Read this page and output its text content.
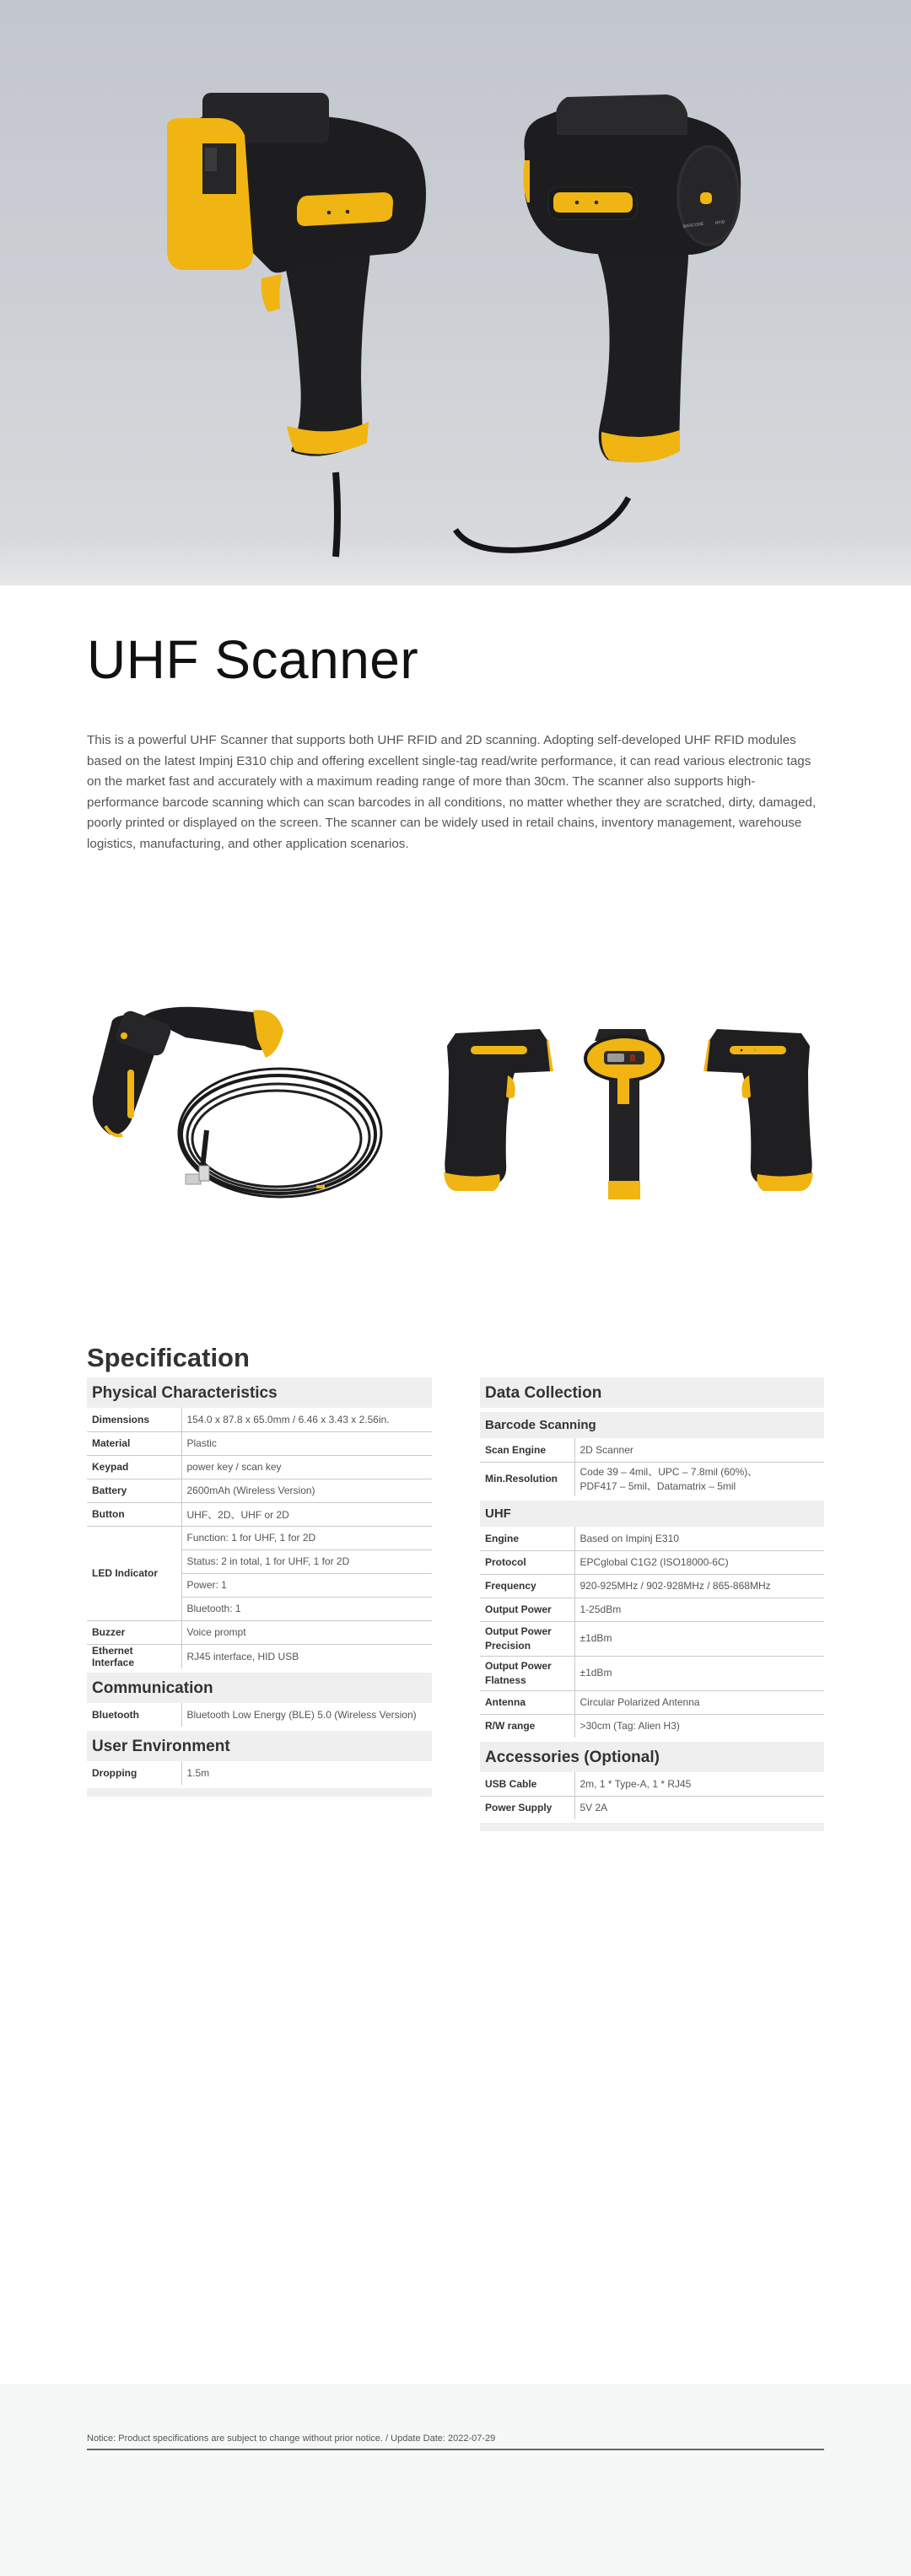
BARCODE	RFID
UHF Scanner

This is a powerful UHF Scanner that supports both UHF RFID and 2D scanning. Adopting self-developed UHF RFID modules based on the latest Impinj E310 chip and offering excellent single-tag read/write performance, it can read various electronic tags on the market fast and accurately with a maximum reading range of more than 30cm. The scanner also supports high-performance barcode scanning which can scan barcodes in all conditions, no matter whether they are scratched, dirty, damaged, poorly printed or displayed on the screen. The scanner can be widely used in retail chains, inventory management, warehouse logistics, manufacturing, and other application scenarios.

Specification
Physical Characteristics
Dimensions	154.0 x 87.8 x 65.0mm / 6.46 x 3.43 x 2.56in.
Material	Plastic
Keypad	power key / scan key
Battery	2600mAh (Wireless Version)
Button	UHF、2D、UHF or 2D
LED Indicator	Function: 1 for UHF, 1 for 2D
	Status: 2 in total, 1 for UHF, 1 for 2D
	Power: 1
	Bluetooth: 1
Buzzer	Voice prompt
Ethernet Interface	RJ45 interface, HID USB
Communication
Bluetooth	Bluetooth Low Energy (BLE) 5.0 (Wireless Version)
User Environment
Dropping	1.5m
Data Collection
Barcode Scanning
Scan Engine	2D Scanner
Min.Resolution	Code 39 – 4mil、UPC – 7.8mil (60%)、
PDF417 – 5mil、Datamatrix – 5mil
UHF
Engine	Based on Impinj E310
Protocol	EPCglobal C1G2 (ISO18000-6C)
Frequency	920-925MHz / 902-928MHz / 865-868MHz
Output Power	1-25dBm
Output Power Precision	±1dBm
Output Power Flatness	±1dBm
Antenna	Circular Polarized Antenna
R/W range	>30cm (Tag: Alien H3)
Accessories (Optional)
USB Cable	2m, 1 * Type-A, 1 * RJ45
Power Supply	5V 2A
Notice: Product specifications are subject to change without prior notice. / Update Date: 2022-07-29
